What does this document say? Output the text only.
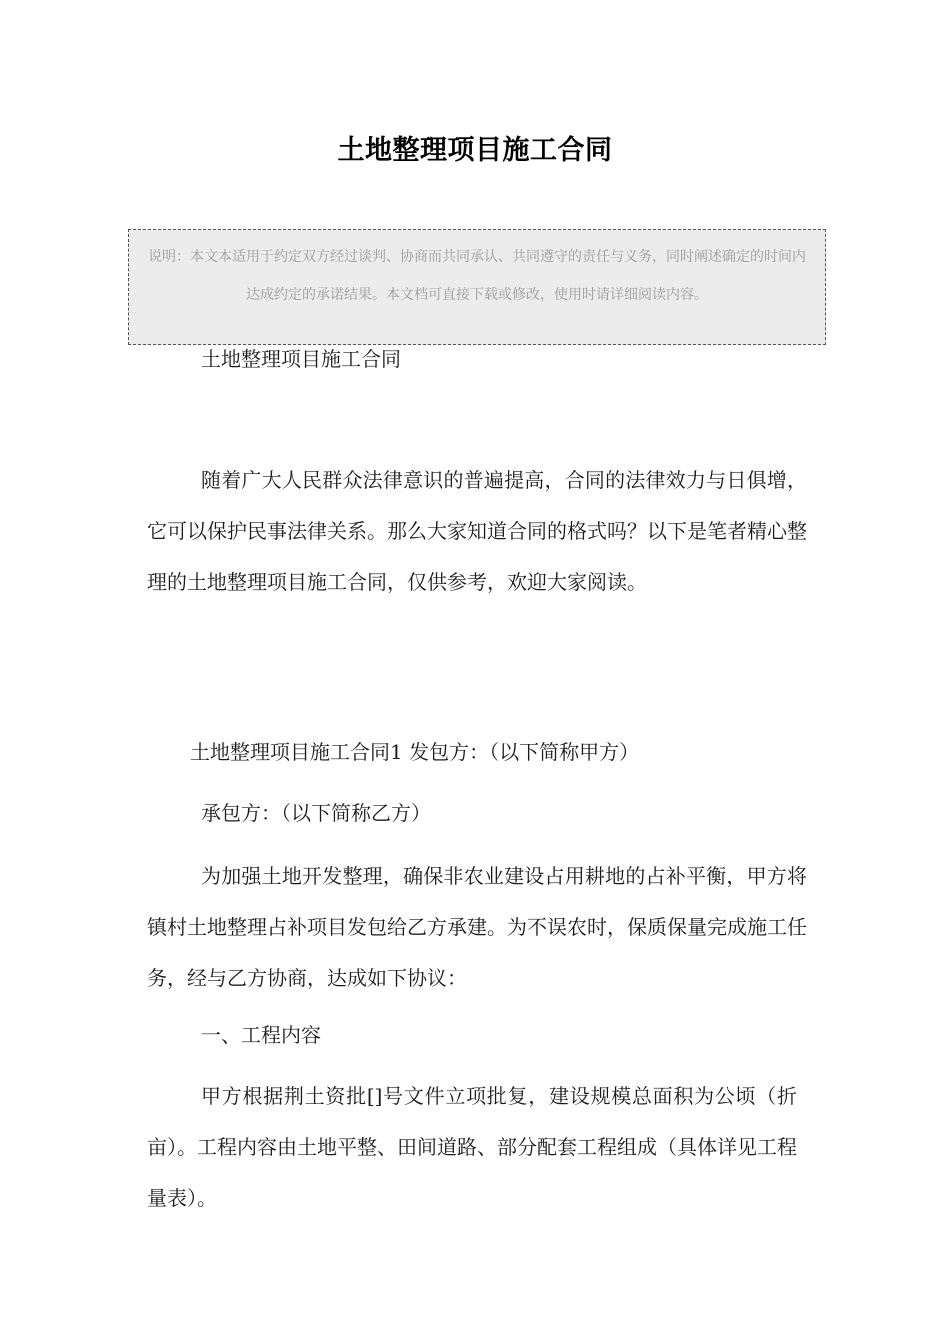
土地整理项目施工合同
说明：本文本适用于约定双方经过谈判、协商而共同承认、共同遵守的责任与义务，同时阐述确定的时间内达成约定的承诺结果。本文档可直接下载或修改，使用时请详细阅读内容。
土地整理项目施工合同

随着广大人民群众法律意识的普遍提高，合同的法律效力与日俱增，它可以保护民事法律关系。那么大家知道合同的格式吗？以下是笔者精心整理的土地整理项目施工合同，仅供参考，欢迎大家阅读。

土地整理项目施工合同1 发包方：（以下简称甲方）
承包方：（以下简称乙方）

为加强土地开发整理，确保非农业建设占用耕地的占补平衡，甲方将镇村土地整理占补项目发包给乙方承建。为不误农时，保质保量完成施工任务，经与乙方协商，达成如下协议：

一、工程内容

甲方根据荆土资批[]号文件立项批复，建设规模总面积为公顷（折亩）。工程内容由土地平整、田间道路、部分配套工程组成（具体详见工程量表）。
